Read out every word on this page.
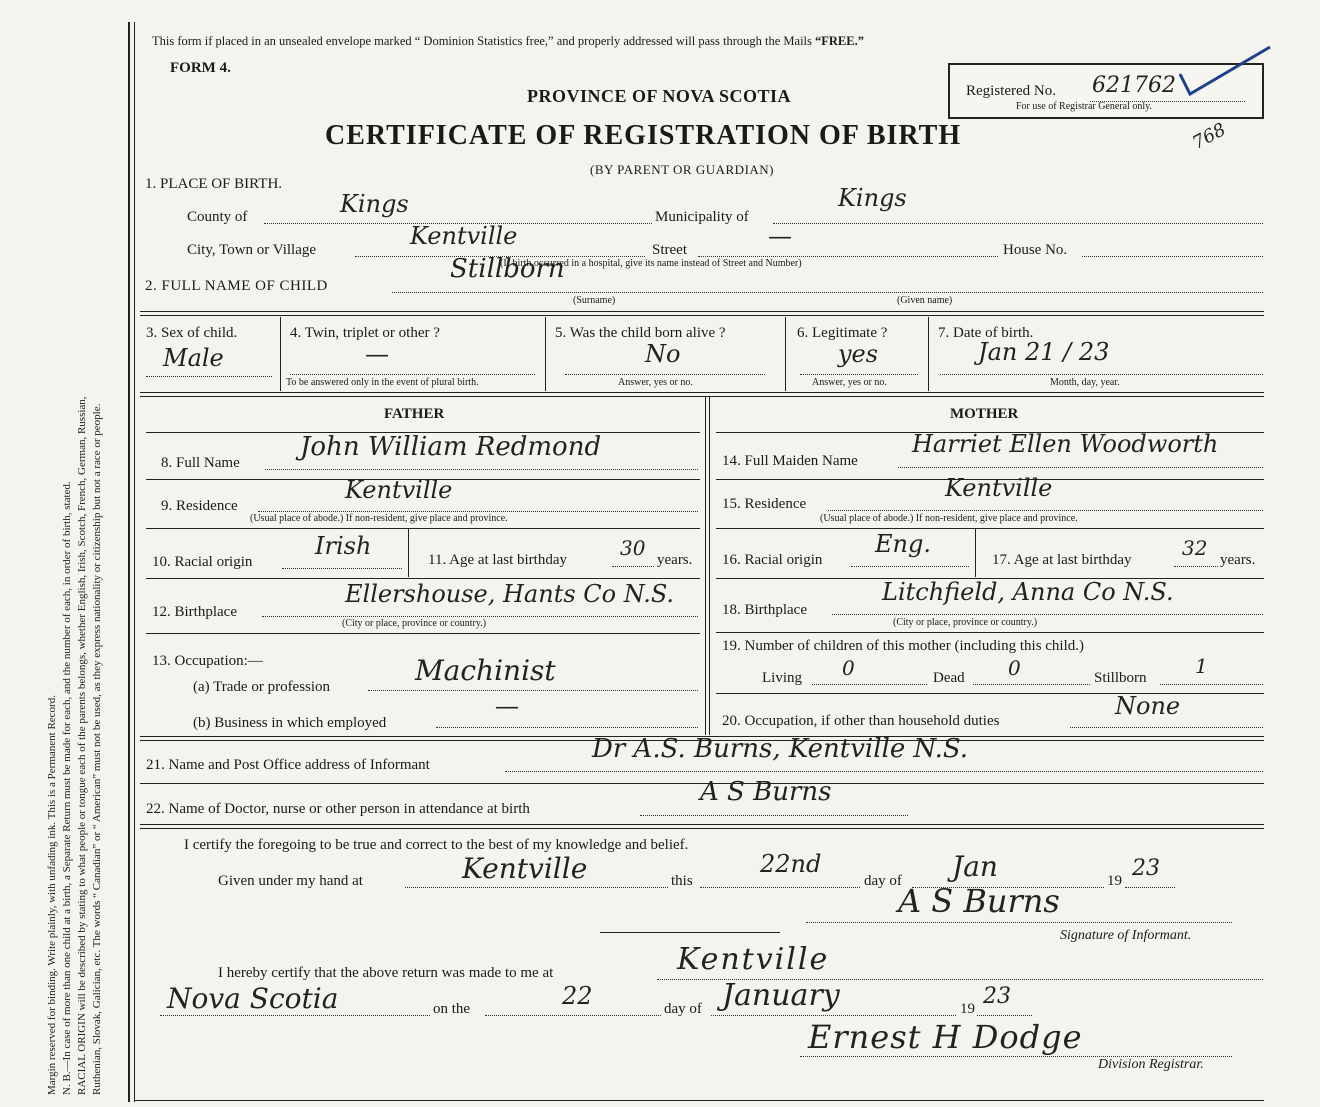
Margin reserved for binding. Write plainly, with unfading ink. This is a Permanent Record. N. B.—In case of more than one child at a birth, a Separate Return must be made for each, and the number of each, in order of birth, stated. RACIAL ORIGIN will be described by stating to what people or tongue each of the parents belongs, whether English, Irish, Scotch, French, German, Russian, Ruthenian, Slovak, Galician, etc. The words “ Canadian” or “ American” must not be used, as they express nationality or citizenship but not a race or people.
This form if placed in an unsealed envelope marked “ Dominion Statistics free,” and properly addressed will pass through the Mails “FREE.”
FORM 4.
PROVINCE OF NOVA SCOTIA
CERTIFICATE OF REGISTRATION OF BIRTH
(BY PARENT OR GUARDIAN)
Registered No. 621762
For use of Registrar General only.
768
1. PLACE OF BIRTH.
County of	Kings	Municipality of
Kings
City, Town or Village	Kentville	Street	—	House No.
(If birth occurred in a hospital, give its name instead of Street and Number)
2. FULL NAME OF CHILD
Stillborn
(Surname)	(Given name)
3. Sex of child.
Male
4. Twin, triplet or other ?
—
To be answered only in the event of plural birth.
5. Was the child born alive ?
No
Answer, yes or no.
6. Legitimate ?
yes
Answer, yes or no.
7. Date of birth.
Jan 21 / 23
Month, day, year.
FATHER	MOTHER
8. Full Name
John William Redmond
9. Residence
Kentville
(Usual place of abode.) If non-resident, give place and province.
10. Racial origin
Irish	11. Age at last birthday	30 years.
12. Birthplace
Ellershouse, Hants Co N.S.
(City or place, province or country.)
13. Occupation:—
(a) Trade or profession	Machinist
(b) Business in which employed
—
14. Full Maiden Name
Harriet Ellen Woodworth
15. Residence
Kentville
(Usual place of abode.) If non-resident, give place and province.
16. Racial origin
Eng.
17. Age at last birthday	32 years.
18. Birthplace
Litchfield, Anna Co N.S.
(City or place, province or country.)
19. Number of children of this mother (including this child.)
Living 0	Dead 0	Stillborn 1
20. Occupation, if other than household duties
None
21. Name and Post Office address of Informant
Dr A.S. Burns, Kentville N.S.
22. Name of Doctor, nurse or other person in attendance at birth
A S Burns
I certify the foregoing to be true and correct to the best of my knowledge and belief.
Given under my hand at	Kentville	this
22nd
day of Jan	19 23
A S Burns
Signature of Informant.
I hereby certify that the above return was made to me at	Kentville
Nova Scotia	on the	22	day of January	19 23
Ernest H Dodge
Division Registrar.
